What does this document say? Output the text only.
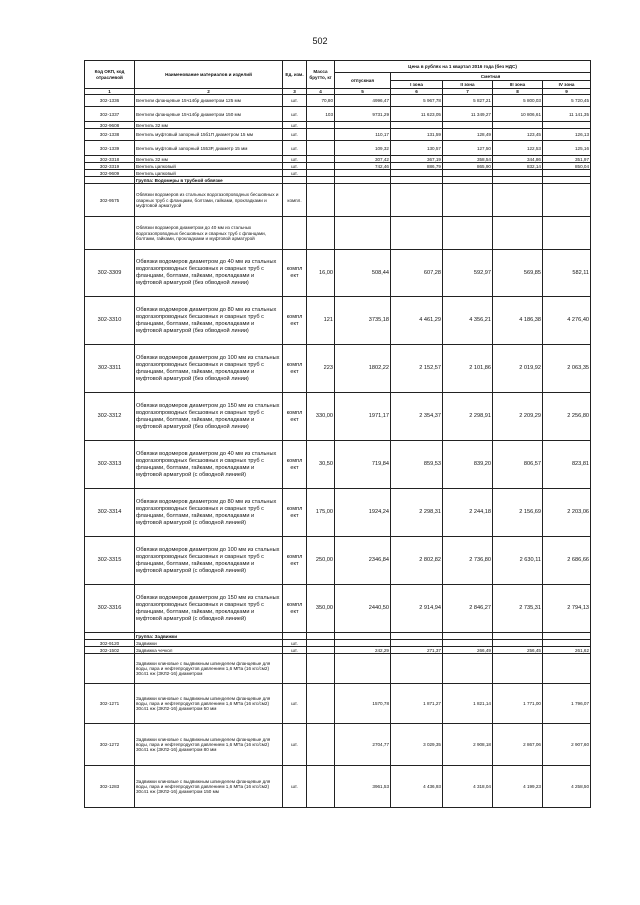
502
Код ОКП, код отраслевой	Наименование материалов и изделий	Ед. изм.	Масса брутто, кг	Цена в рублях на 1 квартал 2016 года (без НДС)				
				отпускная	Сметная			
					I зона	II зона	III зона	IV зона
1	2	3	4	5	6	7	8	9
302-1336	Вентили фланцевые 15ч14бр диаметром 125 мм	шт.	70,80	4996,47	5 967,78	5 827,21	5 800,03	5 720,45
302-1337	Вентили фланцевые 15ч14бр диаметром 150 мм	шт.	103	9731,29	11 623,05	11 349,27	10 806,61	11 141,35
302-9608	Вентиль 32 мм	шт.						
302-1338	Вентиль муфтовый запорный 15б1П диаметром 15 мм	шт.		110,17	131,59	128,49	123,45	126,13
302-1339	Вентиль муфтовый запорный 1553Р, диаметр 15 мм	шт.		109,32	130,57	127,50	122,53	125,16
302-3318	Вентиль 32 мм	шт.		307,42	367,19	358,54	344,86	351,97
302-3319	Вентиль цапковый	шт.		742,46	886,79	865,90	832,14	850,04
302-9609	Вентиль цапковый	шт.						
	Группа: Водомеры в трубной обвязке							
302-9575	Обвязки водомеров из стальных водогазопроводных бесшовных и сварных труб с фланцами, болтами, гайками, прокладками и муфтовой арматурой	компл.						
	Обвязки водомеров диаметром до 40 мм из стальных водогазопроводных бесшовных и сварных труб с фланцами, болтами, гайками, прокладками и муфтовой арматурой							
302-3309	Обвязки водомеров диаметром до 40 мм из стальных водогазопроводных бесшовных и сварных труб с фланцами, болтами, гайками, прокладками и муфтовой арматурой (без обводной линии)	компл ект	16,00	508,44	607,28	592,97	569,85	582,11
302-3310	Обвязки водомеров диаметром до 80 мм из стальных водогазопроводных бесшовных и сварных труб с фланцами, болтами, гайками, прокладками и муфтовой арматурой (без обводной линии)	компл ект	121	3735,18	4 461,29	4 356,21	4 186,38	4 276,40
302-3311	Обвязки водомеров диаметром до 100 мм из стальных водогазопроводных бесшовных и сварных труб с фланцами, болтами, гайками, прокладками и муфтовой арматурой (без обводной линии)	компл ект	223	1802,22	2 152,57	2 101,86	2 019,92	2 063,35
302-3312	Обвязки водомеров диаметром до 150 мм из стальных водогазопроводных бесшовных и сварных труб с фланцами, болтами, гайками, прокладками и муфтовой арматурой (без обводной линии)	компл ект	330,00	1971,17	2 354,37	2 298,91	2 209,29	2 256,80
302-3313	Обвязки водомеров диаметром до 40 мм из стальных водогазопроводных бесшовных и сварных труб с фланцами, болтами, гайками, прокладками и муфтовой арматурой (с обводной линией)	компл ект	30,50	719,84	859,53	839,20	806,57	823,81
302-3314	Обвязки водомеров диаметром до 80 мм из стальных водогазопроводных бесшовных и сварных труб с фланцами, болтами, гайками, прокладками и муфтовой арматурой (с обводной линией)	компл ект	175,00	1924,24	2 298,31	2 244,18	2 156,69	2 203,06
302-3315	Обвязки водомеров диаметром до 100 мм из стальных водогазопроводных бесшовных и сварных труб с фланцами, болтами, гайками, прокладками и муфтовой арматурой (с обводной линией)	компл ект	250,00	2346,84	2 802,82	2 736,80	2 630,11	2 686,66
302-3316	Обвязки водомеров диаметром до 150 мм из стальных водогазопроводных бесшовных и сварных труб с фланцами, болтами, гайками, прокладками и муфтовой арматурой (с обводной линией)	компл ект	350,00	2440,50	2 914,94	2 846,27	2 735,31	2 794,13
	Группа: Задвижки							
302-9120	Задвижки	шт.						
302-1502	Задвижка чечкол	шт.		242,29	271,37	266,49	256,45	261,62
	Задвижки клиновые с выдвижным шпинделем фланцевые для воды, пара и нефтепродуктов давлением 1,6 МПа (16 кгс/см2) 30с41 нж (ЗКЛ2-16) диаметром							
302-1271	Задвижки клиновые с выдвижным шпинделем фланцевые для воды, пара и нефтепродуктов давлением 1,6 МПа (16 кгс/см2) 30с41 нж (ЗКЛ2-16) диаметром 50 мм	шт.		1570,78	1 871,27	1 821,14	1 771,00	1 796,07
302-1272	Задвижки клиновые с выдвижным шпинделем фланцевые для воды, пара и нефтепродуктов давлением 1,6 МПа (16 кгс/см2) 30с41 нж (ЗКЛ2-16) диаметром 80 мм	шт.		2704,77	3 029,35	2 908,18	2 867,06	2 907,60
302-1283	Задвижки клиновые с выдвижным шпинделем фланцевые для воды, пара и нефтепродуктов давлением 1,6 МПа (16 кгс/см2) 30с41 нж (ЗКЛ2-16) диаметром 150 мм	шт.		3961,53	4 436,93	4 318,04	4 199,23	4 258,50
